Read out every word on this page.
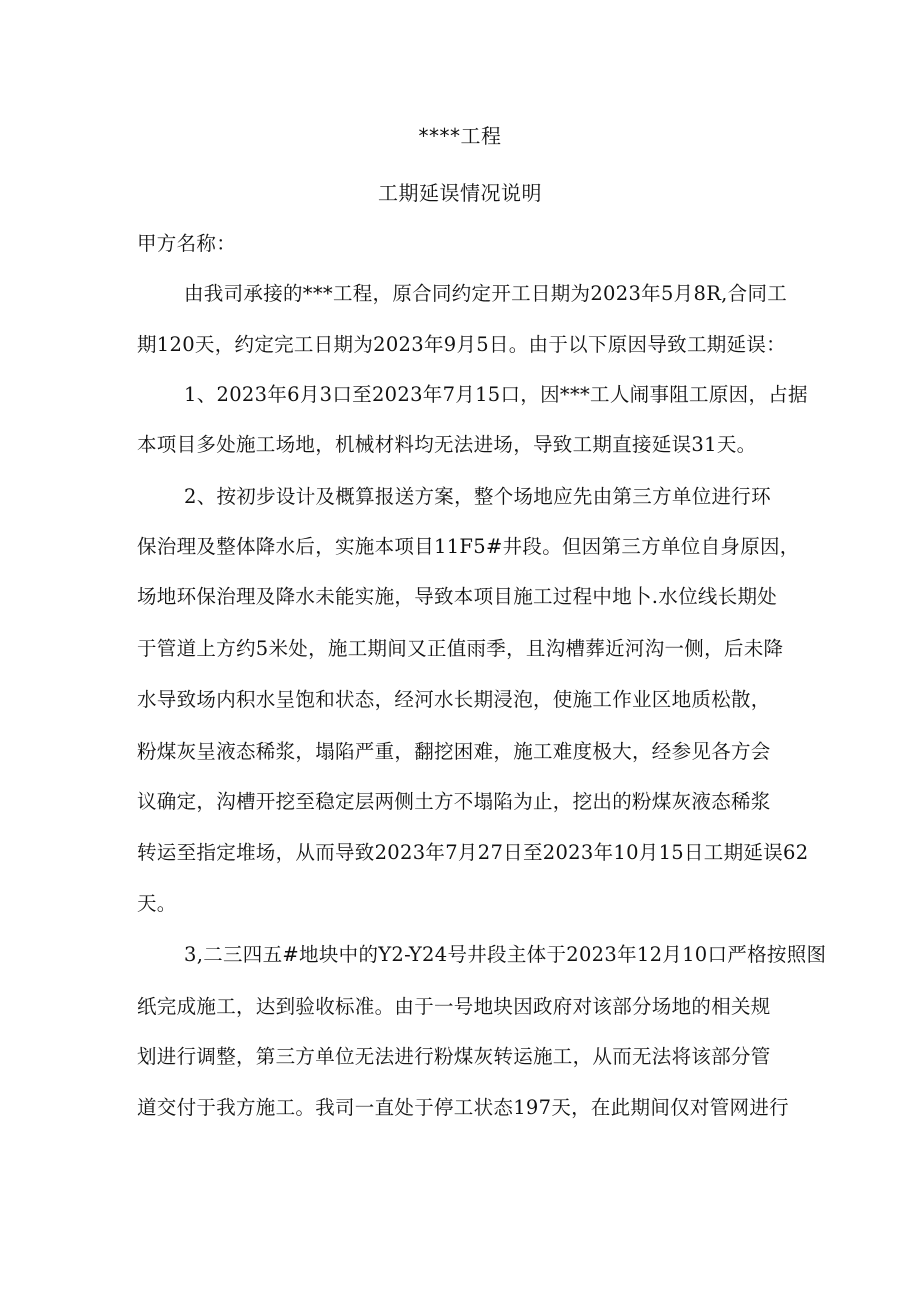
****工程
工期延误情况说明
甲方名称：
由我司承接的***工程，原合同约定开工日期为2023年5月8R,合同工
期120天，约定完工日期为2023年9月5日。由于以下原因导致工期延误：
1、2023年6月3口至2023年7月15口，因***工人闹事阻工原因，占据
本项目多处施工场地，机械材料均无法进场，导致工期直接延误31天。
2、按初步设计及概算报送方案，整个场地应先由第三方单位进行环
保治理及整体降水后，实施本项目11F5#井段。但因第三方单位自身原因，
场地环保治理及降水未能实施，导致本项目施工过程中地卜.水位线长期处
于管道上方约5米处，施工期间又正值雨季，且沟槽葬近河沟一侧，后未降
水导致场内积水呈饱和状态，经河水长期浸泡，使施工作业区地质松散，
粉煤灰呈液态稀浆，塌陷严重，翻挖困难，施工难度极大，经参见各方会
议确定，沟槽开挖至稳定层两侧土方不塌陷为止，挖出的粉煤灰液态稀浆
转运至指定堆场，从而导致2023年7月27日至2023年10月15日工期延误62
天。
3,二三四五#地块中的Y2-Y24号井段主体于2023年12月10口严格按照图
纸完成施工，达到验收标准。由于一号地块因政府对该部分场地的相关规
划进行调整，第三方单位无法进行粉煤灰转运施工，从而无法将该部分管
道交付于我方施工。我司一直处于停工状态197天，在此期间仅对管网进行
